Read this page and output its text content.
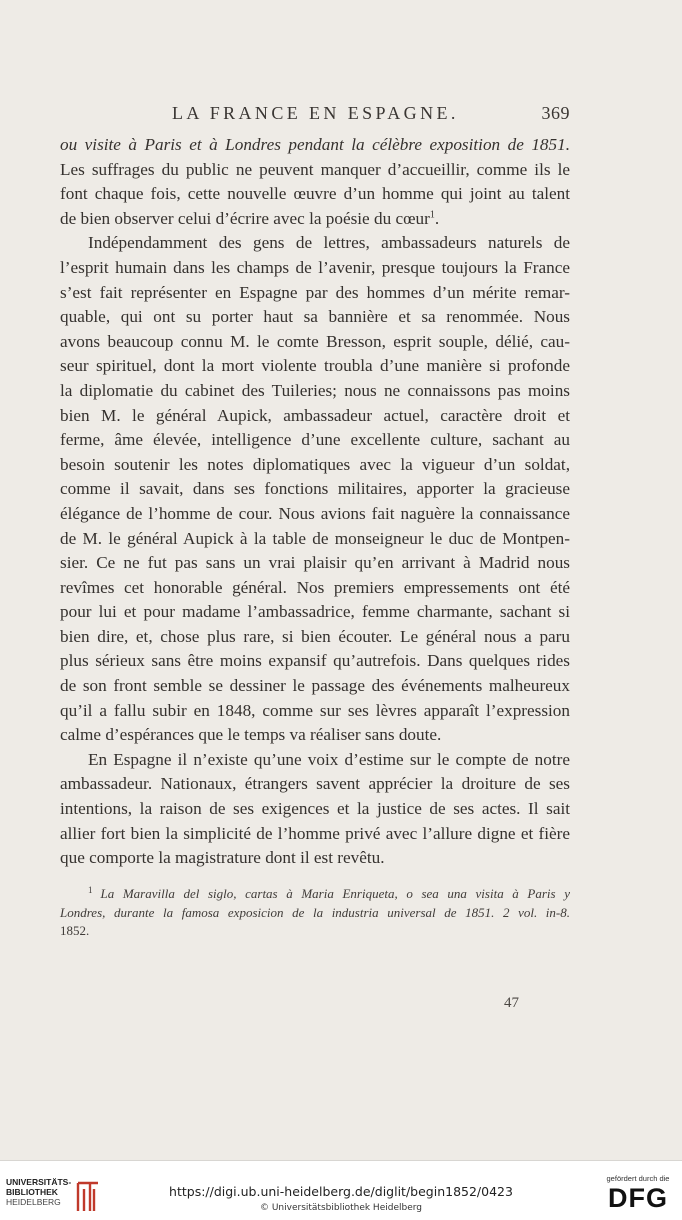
LA FRANCE EN ESPAGNE.	369
ou visite à Paris et à Londres pendant la célèbre exposition de 1851.
Les suffrages du public ne peuvent manquer d’accueillir, comme ils le
font chaque fois, cette nouvelle œuvre d’un homme qui joint au talent
de bien observer celui d’écrire avec la poésie du cœur$^1$.
Indépendamment des gens de lettres, ambassadeurs naturels de
l’esprit humain dans les champs de l’avenir, presque toujours la France
s’est fait représenter en Espagne par des hommes d’un mérite remar-
quable, qui ont su porter haut sa bannière et sa renommée. Nous
avons beaucoup connu M. le comte Bresson, esprit souple, délié, cau-
seur spirituel, dont la mort violente troubla d’une manière si profonde
la diplomatie du cabinet des Tuileries; nous ne connaissons pas moins
bien M. le général Aupick, ambassadeur actuel, caractère droit et
ferme, âme élevée, intelligence d’une excellente culture, sachant au
besoin soutenir les notes diplomatiques avec la vigueur d’un soldat,
comme il savait, dans ses fonctions militaires, apporter la gracieuse
élégance de l’homme de cour. Nous avions fait naguère la connaissance
de M. le général Aupick à la table de monseigneur le duc de Montpen-
sier. Ce ne fut pas sans un vrai plaisir qu’en arrivant à Madrid nous
revîmes cet honorable général. Nos premiers empressements ont été
pour lui et pour madame l’ambassadrice, femme charmante, sachant si
bien dire, et, chose plus rare, si bien écouter. Le général nous a paru
plus sérieux sans être moins expansif qu’autrefois. Dans quelques rides
de son front semble se dessiner le passage des événements malheureux
qu’il a fallu subir en 1848, comme sur ses lèvres apparaît l’expression
calme d’espérances que le temps va réaliser sans doute.
En Espagne il n’existe qu’une voix d’estime sur le compte de notre
ambassadeur. Nationaux, étrangers savent apprécier la droiture de ses
intentions, la raison de ses exigences et la justice de ses actes. Il sait
allier fort bien la simplicité de l’homme privé avec l’allure digne et fière
que comporte la magistrature dont il est revêtu.
$^1$ La Maravilla del siglo, cartas à Maria Enriqueta, o sea una visita à Paris y
Londres, durante la famosa exposicion de la industria universal de 1851. 2 vol. in-8.
1852.
47
UNIVERSITÄTS-
BIBLIOTHEK
HEIDELBERG
https://digi.ub.uni-heidelberg.de/diglit/begin1852/0423
© Universitätsbibliothek Heidelberg
gefördert durch die
DFG
